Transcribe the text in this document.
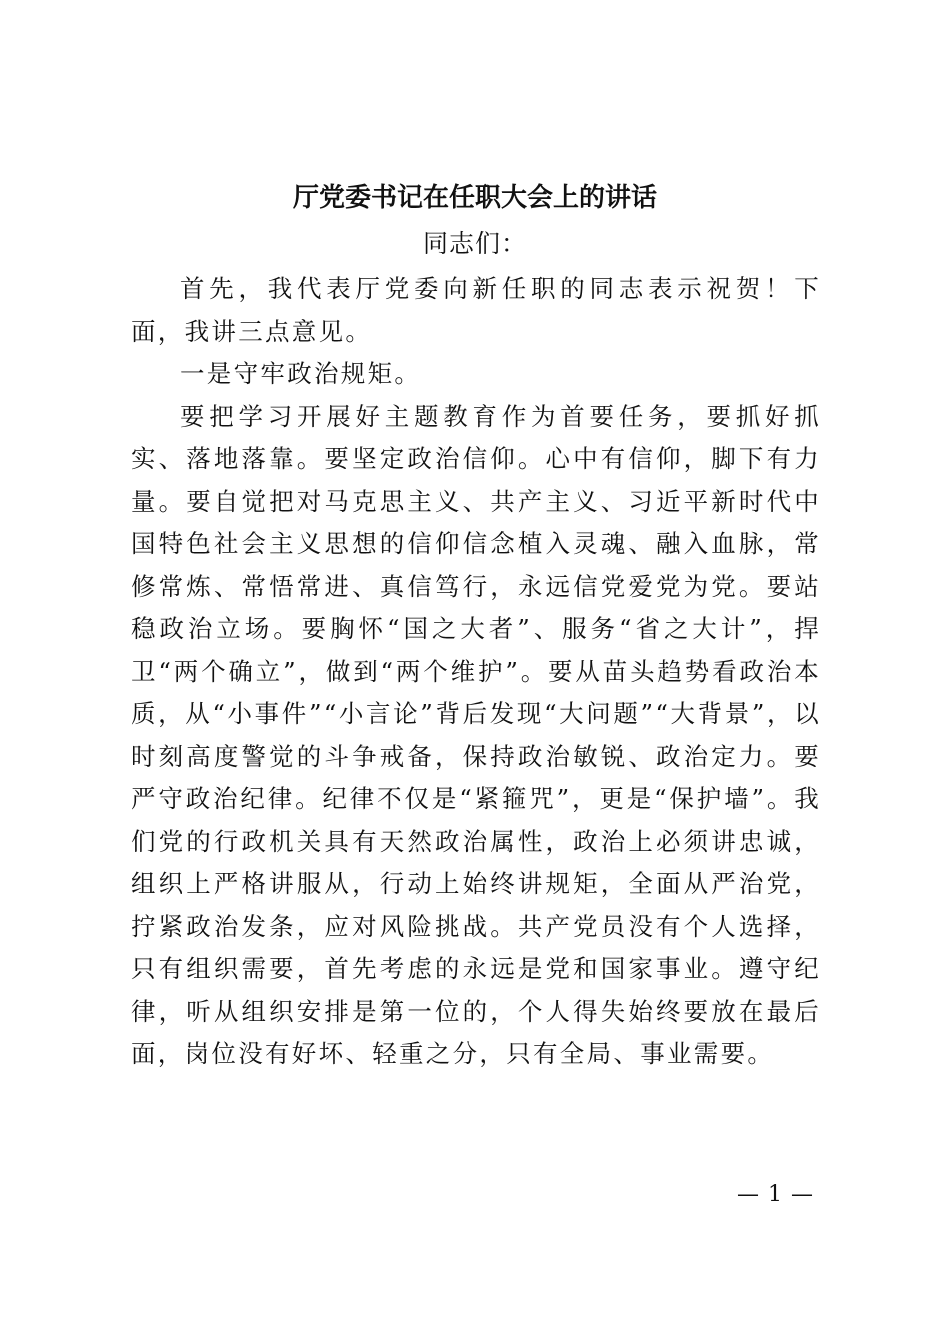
厅党委书记在任职大会上的讲话
同志们：

首先，我代表厅党委向新任职的同志表示祝贺！下面，我讲三点意见。

一是守牢政治规矩。

要把学习开展好主题教育作为首要任务，要抓好抓实、落地落靠。要坚定政治信仰。心中有信仰，脚下有力量。要自觉把对马克思主义、共产主义、习近平新时代中国特色社会主义思想的信仰信念植入灵魂、融入血脉，常修常炼、常悟常进、真信笃行，永远信党爱党为党。要站稳政治立场。要胸怀“国之大者”、服务“省之大计”，捍卫“两个确立”，做到“两个维护”。要从苗头趋势看政治本质，从“小事件”“小言论”背后发现“大问题”“大背景”，以时刻高度警觉的斗争戒备，保持政治敏锐、政治定力。要严守政治纪律。纪律不仅是“紧箍咒”，更是“保护墙”。我们党的行政机关具有天然政治属性，政治上必须讲忠诚，组织上严格讲服从，行动上始终讲规矩，全面从严治党，拧紧政治发条，应对风险挑战。共产党员没有个人选择，只有组织需要，首先考虑的永远是党和国家事业。遵守纪律，听从组织安排是第一位的，个人得失始终要放在最后面，岗位没有好坏、轻重之分，只有全局、事业需要。

— 1 —
